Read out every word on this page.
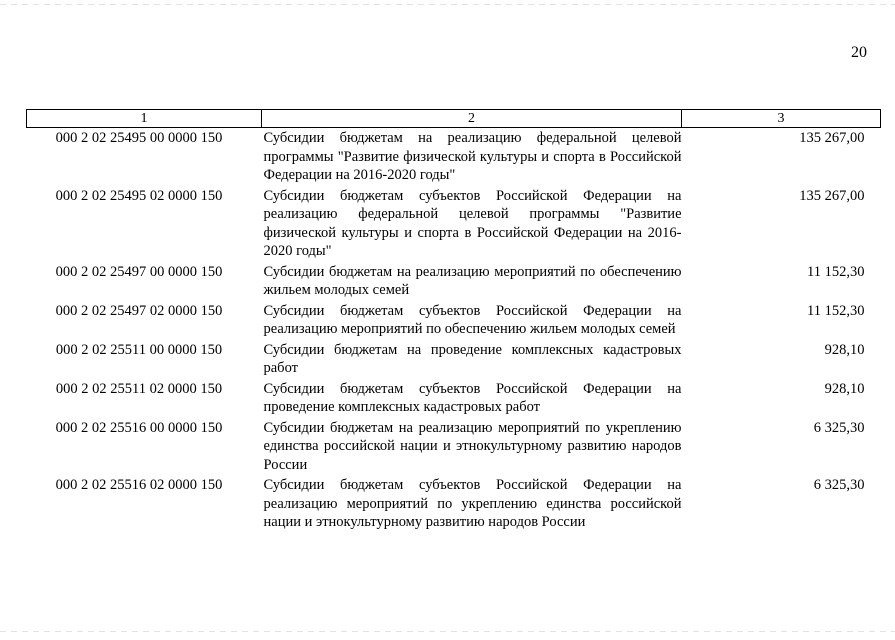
20
1	2	3
000 2 02 25495 00 0000 150	Субсидии бюджетам на реализацию федеральной целевой программы "Развитие физической культуры и спорта в Российской Федерации на 2016-2020 годы"	135 267,00
000 2 02 25495 02 0000 150	Субсидии бюджетам субъектов Российской Федерации на реализацию федеральной целевой программы "Развитие физической культуры и спорта в Российской Федерации на 2016-2020 годы"	135 267,00
000 2 02 25497 00 0000 150	Субсидии бюджетам на реализацию мероприятий по обеспечению жильем молодых семей	11 152,30
000 2 02 25497 02 0000 150	Субсидии бюджетам субъектов Российской Федерации на реализацию мероприятий по обеспечению жильем молодых семей	11 152,30
000 2 02 25511 00 0000 150	Субсидии бюджетам на проведение комплексных кадастровых работ	928,10
000 2 02 25511 02 0000 150	Субсидии бюджетам субъектов Российской Федерации на проведение комплексных кадастровых работ	928,10
000 2 02 25516 00 0000 150	Субсидии бюджетам на реализацию мероприятий по укреплению единства российской нации и этнокультурному развитию народов России	6 325,30
000 2 02 25516 02 0000 150	Субсидии бюджетам субъектов Российской Федерации на реализацию мероприятий по укреплению единства российской нации и этнокультурному развитию народов России	6 325,30
